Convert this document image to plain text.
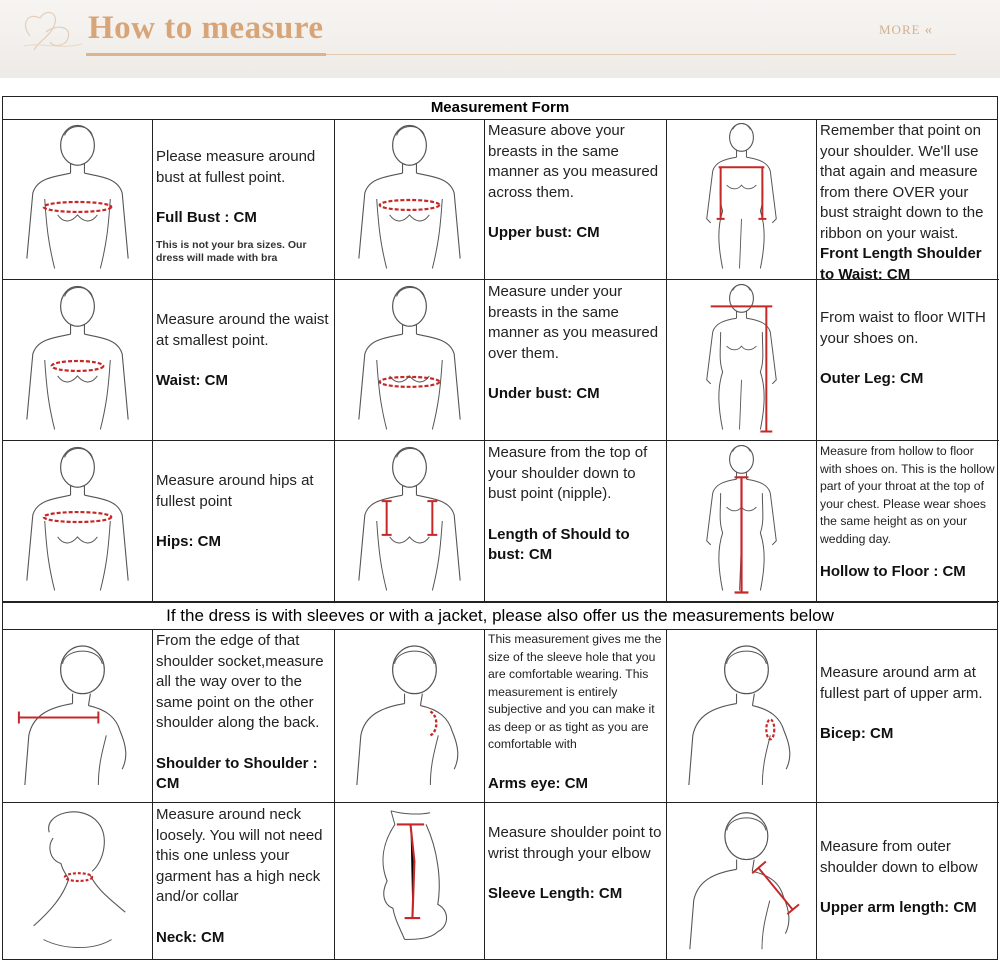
How to measure	MORE «
Measurement Form
If the dress is with sleeves or with a jacket, please also offer us the measurements below
Please measure around bust at fullest point.
Full Bust : CM
This is not your bra sizes. Our dress will made with bra
Measure above your breasts in the same manner as you measured across them.
Upper bust: CM
Remember that point on your shoulder. We'll use that again and measure from there OVER your bust straight down to the ribbon on your waist.
Front Length Shoulder to Waist: CM
Measure around the waist at smallest point.
Waist: CM
Measure under your breasts in the same manner as you measured over them.
Under bust: CM
From waist to floor WITH your shoes on.
Outer Leg: CM
Measure around hips at fullest point
Hips: CM
Measure from the top of your shoulder down to bust point (nipple).
Length of Should to bust: CM
Measure from hollow to floor with shoes on. This is the hollow part of your throat at the top of your chest. Please wear shoes the same height as on your wedding day.
Hollow to Floor : CM
From the edge of that shoulder socket,measure all the way over to the same point on the other shoulder along the back.
Shoulder to Shoulder : CM
This measurement gives me the size of the sleeve hole that you are comfortable wearing. This measurement is entirely subjective and you can make it as deep or as tight as you are comfortable with
Arms eye: CM
Measure around arm at fullest part of upper arm.
Bicep: CM
Measure around neck loosely. You will not need this one unless your garment has a high neck and/or collar
Neck: CM
Measure shoulder point to wrist through your elbow
Sleeve Length: CM
Measure from outer shoulder down to elbow
Upper arm length: CM
